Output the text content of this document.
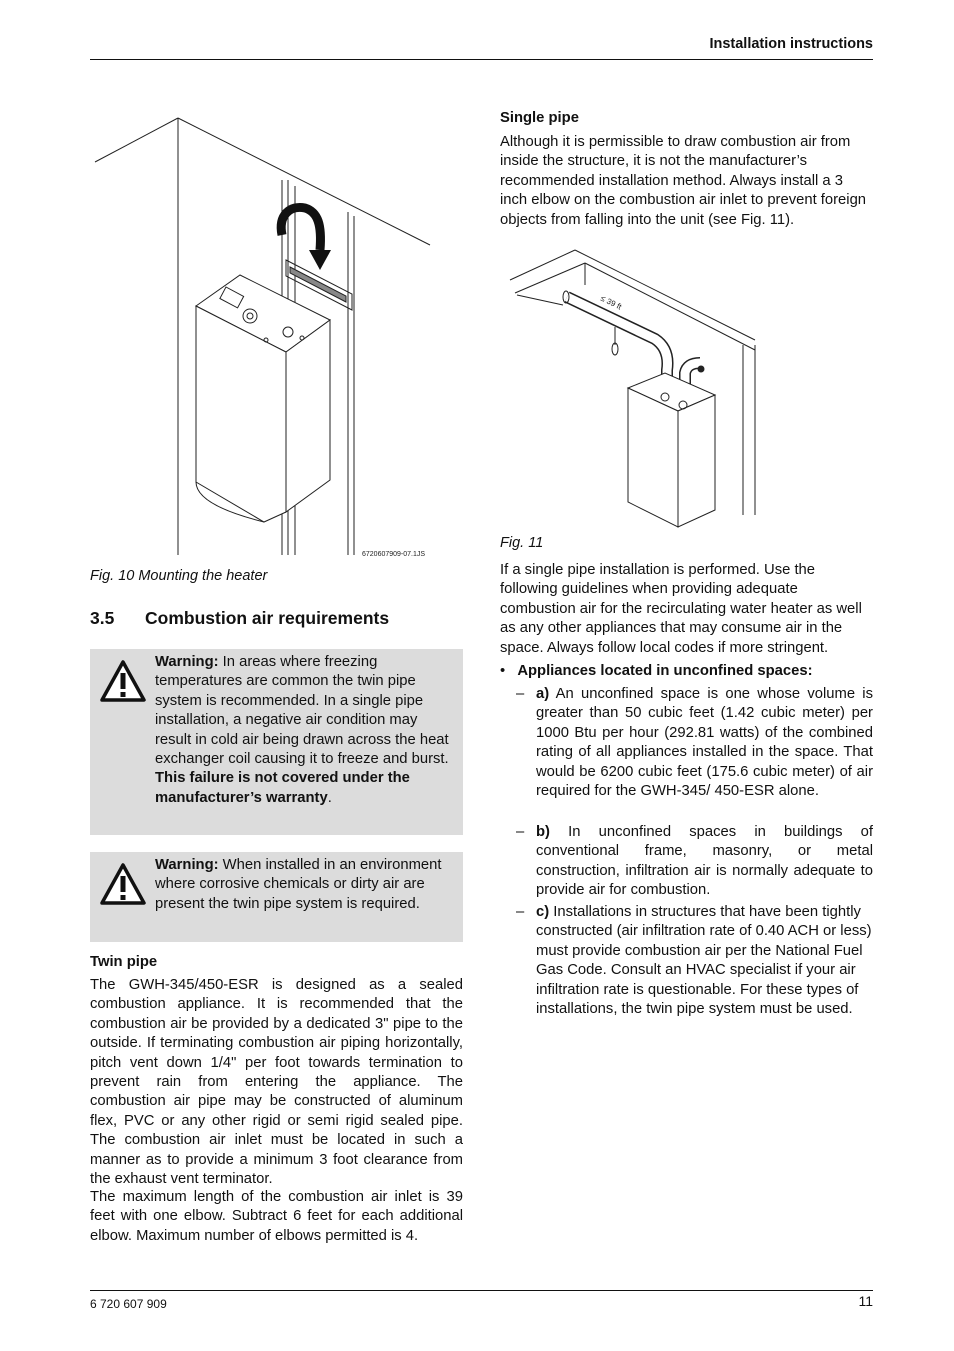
Installation instructions
6720607909-07.1JS
Fig. 10 Mounting the heater
3.5 Combustion air requirements
Warning: In areas where freezing temperatures are common the twin pipe system is recommended. In a single pipe installation, a negative air condition may result in cold air being drawn across the heat exchanger coil causing it to freeze and burst. This failure is not covered under the manufacturer’s warranty.
Warning: When installed in an environment where corrosive chemicals or dirty air are present the twin pipe system is required.
Twin pipe
The GWH-345/450-ESR is designed as a sealed combustion appliance. It is recommended that the combustion air be provided by a dedicated 3" pipe to the outside. If terminating combustion air piping horizontally, pitch vent down 1/4" per foot towards termination to prevent rain from entering the appliance. The combustion air pipe may be constructed of aluminum flex, PVC or any other rigid or semi rigid sealed pipe. The combustion air inlet must be located in such a manner as to provide a minimum 3 foot clearance from the exhaust vent terminator.
The maximum length of the combustion air inlet is 39 feet with one elbow. Subtract 6 feet for each additional elbow. Maximum number of elbows permitted is 4.
Single pipe
Although it is permissible to draw combustion air from inside the structure, it is not the manufacturer’s recommended installation method. Always install a 3 inch elbow on the combustion air inlet to prevent foreign objects from falling into the unit (see Fig. 11).
≤ 39 ft
Fig. 11
If a single pipe installation is performed. Use the following guidelines when providing adequate combustion air for the recirculating water heater as well as any other appliances that may consume air in the space. Always follow local codes if more stringent.
• Appliances located in unconfined spaces:
– a) An unconfined space is one whose volume is greater than 50 cubic feet (1.42 cubic meter) per 1000 Btu per hour (292.81 watts) of the combined rating of all appliances installed in the space. That would be 6200 cubic feet (175.6 cubic meter) of air required for the GWH-345/ 450-ESR alone.
– b) In unconfined spaces in buildings of conventional frame, masonry, or metal construction, infiltration air is normally adequate to provide air for combustion.
– c) Installations in structures that have been tightly constructed (air infiltration rate of 0.40 ACH or less) must provide combustion air per the National Fuel Gas Code. Consult an HVAC specialist if your air infiltration rate is questionable. For these types of installations, the twin pipe system must be used.
6 720 607 909	11
